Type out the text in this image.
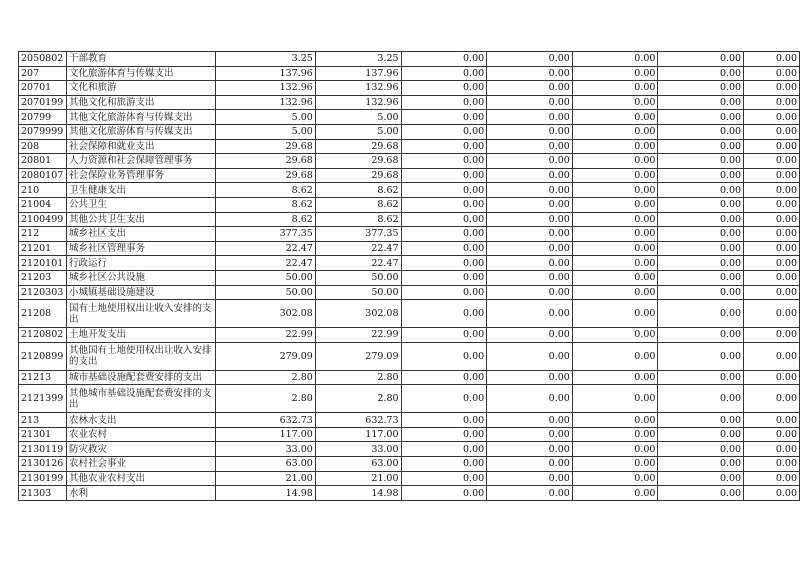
2050802	干部教育	3.25	3.25	0.00	0.00	0.00	0.00	0.00
207	文化旅游体育与传媒支出	137.96	137.96	0.00	0.00	0.00	0.00	0.00
20701	文化和旅游	132.96	132.96	0.00	0.00	0.00	0.00	0.00
2070199	其他文化和旅游支出	132.96	132.96	0.00	0.00	0.00	0.00	0.00
20799	其他文化旅游体育与传媒支出	5.00	5.00	0.00	0.00	0.00	0.00	0.00
2079999	其他文化旅游体育与传媒支出	5.00	5.00	0.00	0.00	0.00	0.00	0.00
208	社会保障和就业支出	29.68	29.68	0.00	0.00	0.00	0.00	0.00
20801	人力资源和社会保障管理事务	29.68	29.68	0.00	0.00	0.00	0.00	0.00
2080107	社会保险业务管理事务	29.68	29.68	0.00	0.00	0.00	0.00	0.00
210	卫生健康支出	8.62	8.62	0.00	0.00	0.00	0.00	0.00
21004	公共卫生	8.62	8.62	0.00	0.00	0.00	0.00	0.00
2100499	其他公共卫生支出	8.62	8.62	0.00	0.00	0.00	0.00	0.00
212	城乡社区支出	377.35	377.35	0.00	0.00	0.00	0.00	0.00
21201	城乡社区管理事务	22.47	22.47	0.00	0.00	0.00	0.00	0.00
2120101	行政运行	22.47	22.47	0.00	0.00	0.00	0.00	0.00
21203	城乡社区公共设施	50.00	50.00	0.00	0.00	0.00	0.00	0.00
2120303	小城镇基础设施建设	50.00	50.00	0.00	0.00	0.00	0.00	0.00
21208	国有土地使用权出让收入安排的支出	302.08	302.08	0.00	0.00	0.00	0.00	0.00
2120802	土地开发支出	22.99	22.99	0.00	0.00	0.00	0.00	0.00
2120899	其他国有土地使用权出让收入安排的支出	279.09	279.09	0.00	0.00	0.00	0.00	0.00
21213	城市基础设施配套费安排的支出	2.80	2.80	0.00	0.00	0.00	0.00	0.00
2121399	其他城市基础设施配套费安排的支出	2.80	2.80	0.00	0.00	0.00	0.00	0.00
213	农林水支出	632.73	632.73	0.00	0.00	0.00	0.00	0.00
21301	农业农村	117.00	117.00	0.00	0.00	0.00	0.00	0.00
2130119	防灾救灾	33.00	33.00	0.00	0.00	0.00	0.00	0.00
2130126	农村社会事业	63.00	63.00	0.00	0.00	0.00	0.00	0.00
2130199	其他农业农村支出	21.00	21.00	0.00	0.00	0.00	0.00	0.00
21303	水利	14.98	14.98	0.00	0.00	0.00	0.00	0.00
